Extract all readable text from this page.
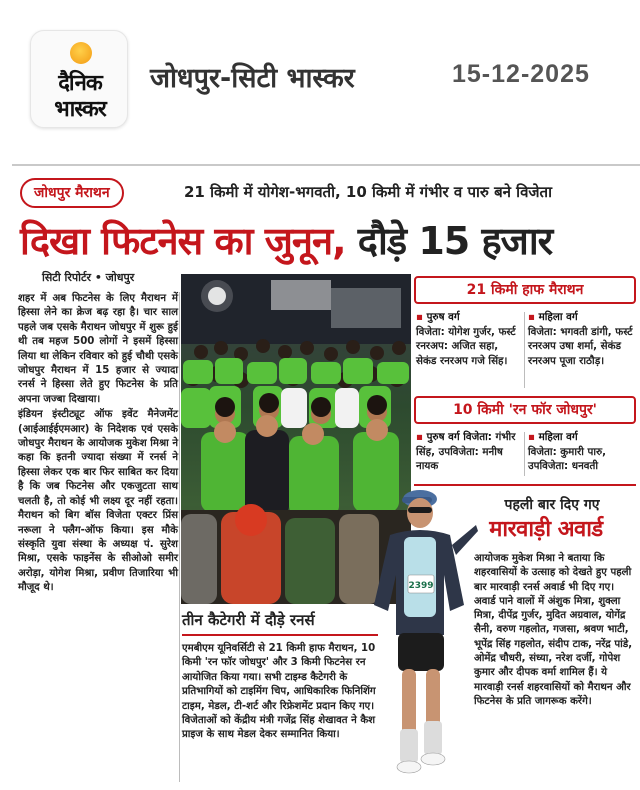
दैनिक
भास्कर
जोधपुर-सिटी भास्कर	15-12-2025
जोधपुर मैराथन	21 किमी में योगेश-भगवती, 10 किमी में गंभीर व पारु बने विजेता
दिखा फिटनेस का जुनून, दौड़े 15 हजार
सिटी रिपोर्टर • जोधपुर

शहर में अब फिटनेस के लिए मैराथन में हिस्सा लेने का क्रेज बढ़ रहा है। चार साल पहले जब एसके मैराथन जोधपुर में शुरू हुई थी तब महज 500 लोगों ने इसमें हिस्सा लिया था लेकिन रविवार को हुई चौथी एसके जोधपुर मैराथन में 15 हजार से ज्यादा रनर्स ने हिस्सा लेते हुए फिटनेस के प्रति अपना जज्बा दिखाया।

इंडियन इंस्टीट्यूट ऑफ इवेंट मैनेजमेंट (आईआईईएमआर) के निदेशक एवं एसके जोधपुर मैराथन के आयोजक मुकेश मिश्रा ने कहा कि इतनी ज्यादा संख्या में रनर्स ने हिस्सा लेकर एक बार फिर साबित कर दिया है कि जब फिटनेस और एकजुटता साथ चलती है, तो कोई भी लक्ष्य दूर नहीं रहता। मैराथन को बिग बॉस विजेता एक्टर प्रिंस नरूला ने फ्लैग-ऑफ किया। इस मौके संस्कृति युवा संस्था के अध्यक्ष पं. सुरेश मिश्रा, एसके फाइनेंस के सीओओ समीर अरोड़ा, योगेश मिश्रा, प्रवीण तिजारिया भी मौजूद थे।	2399
21 किमी हाफ मैराथन
▪ पुरुष वर्ग
विजेता: योगेश गुर्जर, फर्स्ट रनरअप: अजित सहा, सेकंड रनरअप गजे सिंह।
▪ महिला वर्ग
विजेता: भगवती डांगी, फर्स्ट रनरअप उषा शर्मा, सेकंड रनरअप पूजा राठौड़।
10 किमी 'रन फॉर जोधपुर'
▪ पुरुष वर्ग विजेता: गंभीर सिंह, उपविजेता: मनीष नायक
▪ महिला वर्ग
विजेता: कुमारी पारु, उपविजेता: धनवती
पहली बार दिए गए
मारवाड़ी अवार्ड
आयोजक मुकेश मिश्रा ने बताया कि शहरवासियों के उत्साह को देखते हुए पहली बार मारवाड़ी रनर्स अवार्ड भी दिए गए। अवार्ड पाने वालों में अंशुक मित्रा, शुक्ला मित्रा, दीपेंद्र गुर्जर, मुदित अग्रवाल, योगेंद्र सैनी, वरुण गहलोत, गजसा, श्रवण भाटी, भूपेंद्र सिंह गहलोत, संदीप टाक, नरेंद्र पांडे, ओमेंद्र चौधरी, संध्या, नरेश दर्जी, गोपेश कुमार और दीपक वर्मा शामिल हैं। ये मारवाड़ी रनर्स शहरवासियों को मैराथन और फिटनेस के प्रति जागरूक करेंगे।
तीन कैटेगरी में दौड़े रनर्स
एमबीएम यूनिवर्सिटी से 21 किमी हाफ मैराथन, 10 किमी 'रन फॉर जोधपुर' और 3 किमी फिटनेस रन आयोजित किया गया। सभी टाइम्ड कैटेगरी के प्रतिभागियों को टाइमिंग चिप, आधिकारिक फिनिशिंग टाइम, मेडल, टी-शर्ट और रिफ्रेशमेंट प्रदान किए गए। विजेताओं को केंद्रीय मंत्री गजेंद्र सिंह शेखावत ने कैश प्राइज के साथ मेडल देकर सम्मानित किया।
